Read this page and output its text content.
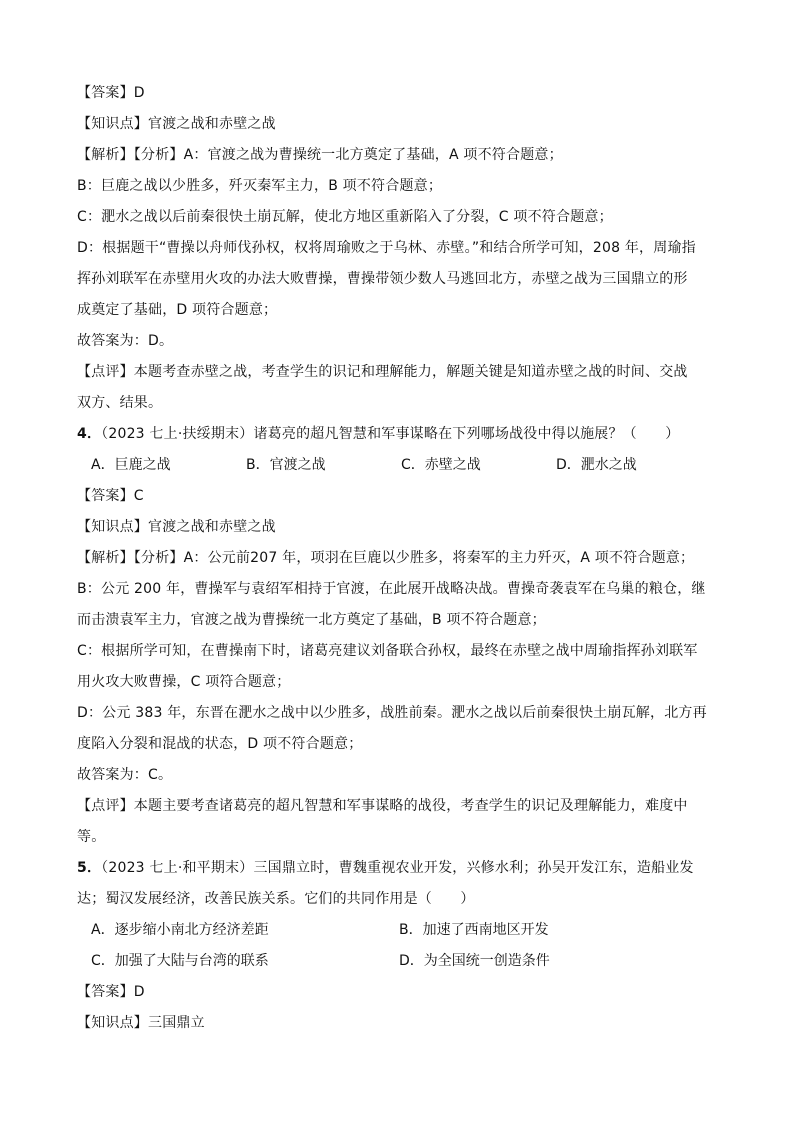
【答案】D
【知识点】官渡之战和赤壁之战
【解析】【分析】A：官渡之战为曹操统一北方奠定了基础，A 项不符合题意；
B：巨鹿之战以少胜多，歼灭秦军主力，B 项不符合题意；
C：淝水之战以后前秦很快土崩瓦解，使北方地区重新陷入了分裂，C 项不符合题意；
D：根据题干“曹操以舟师伐孙权，权将周瑜败之于乌林、赤壁。”和结合所学可知，208 年，周瑜指
挥孙刘联军在赤壁用火攻的办法大败曹操，曹操带领少数人马逃回北方，赤壁之战为三国鼎立的形
成奠定了基础，D 项符合题意；
故答案为：D。
【点评】本题考查赤壁之战，考查学生的识记和理解能力，解题关键是知道赤壁之战的时间、交战
双方、结果。
4．（2023 七上·扶绥期末）诸葛亮的超凡智慧和军事谋略在下列哪场战役中得以施展？（　　）
A．巨鹿之战	B．官渡之战	C．赤壁之战	D．淝水之战
【答案】C
【知识点】官渡之战和赤壁之战
【解析】【分析】A：公元前207 年，项羽在巨鹿以少胜多，将秦军的主力歼灭，A 项不符合题意；
B：公元 200 年，曹操军与袁绍军相持于官渡，在此展开战略决战。曹操奇袭袁军在乌巢的粮仓，继
而击溃袁军主力，官渡之战为曹操统一北方奠定了基础，B 项不符合题意；
C：根据所学可知，在曹操南下时，诸葛亮建议刘备联合孙权，最终在赤壁之战中周瑜指挥孙刘联军
用火攻大败曹操，C 项符合题意；
D：公元 383 年，东晋在淝水之战中以少胜多，战胜前秦。淝水之战以后前秦很快土崩瓦解，北方再
度陷入分裂和混战的状态，D 项不符合题意；
故答案为：C。
【点评】本题主要考查诸葛亮的超凡智慧和军事谋略的战役，考查学生的识记及理解能力，难度中
等。
5．（2023 七上·和平期末）三国鼎立时，曹魏重视农业开发，兴修水利；孙吴开发江东，造船业发
达；蜀汉发展经济，改善民族关系。它们的共同作用是（　　）
A．逐步缩小南北方经济差距	B．加速了西南地区开发
C．加强了大陆与台湾的联系	D．为全国统一创造条件
【答案】D
【知识点】三国鼎立
